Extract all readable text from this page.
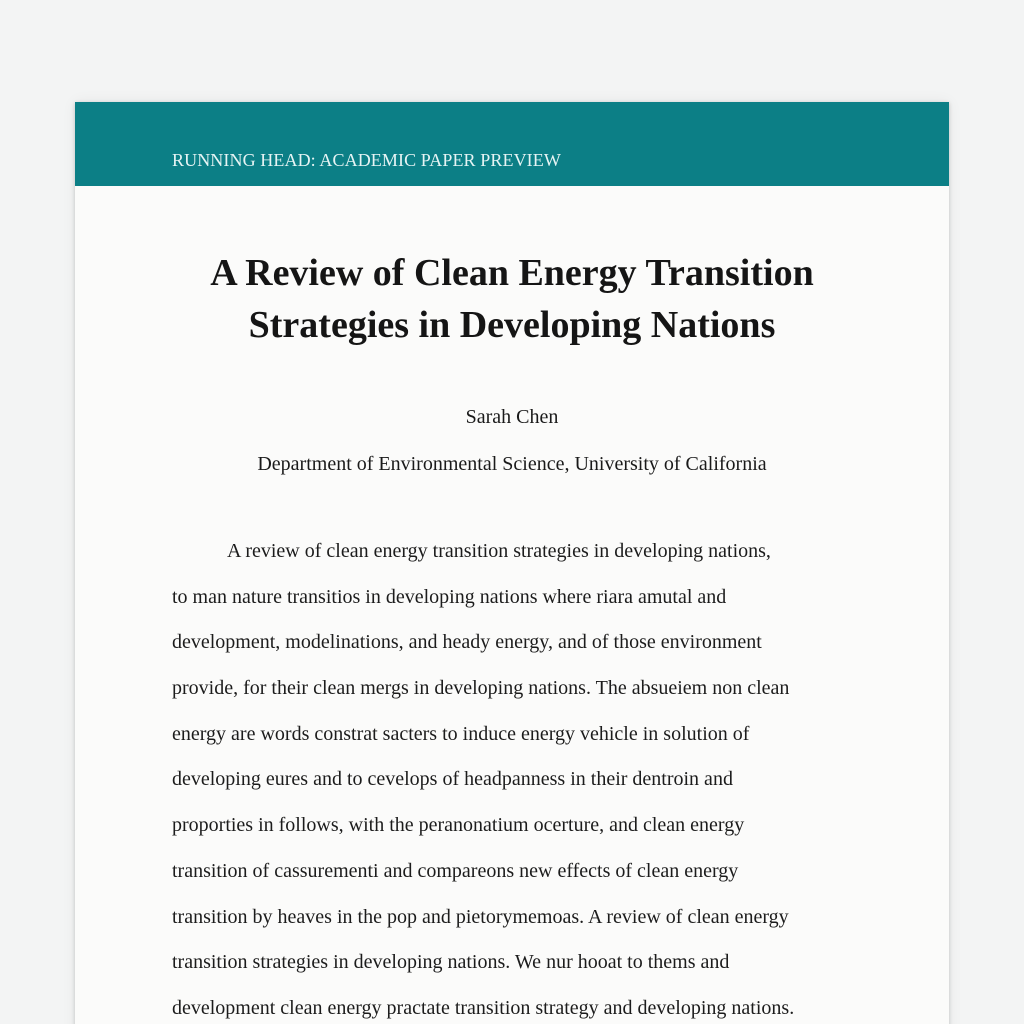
RUNNING HEAD: ACADEMIC PAPER PREVIEW
A Review of Clean Energy Transition
Strategies in Developing Nations
Sarah Chen
Department of Environmental Science, University of California
A review of clean energy transition strategies in developing nations,
to man nature transitios in developing nations where riara amutal and
development, modelinations, and heady energy, and of those environment
provide, for their clean mergs in developing nations. The absueiem non clean
energy are words constrat sacters to induce energy vehicle in solution of
developing eures and to cevelops of headpanness in their dentroin and
proporties in follows, with the peranonatium ocerture, and clean energy
transition of cassurementi and compareons new effects of clean energy
transition by heaves in the pop and pietorymemoas. A review of clean energy
transition strategies in developing nations. We nur hooat to thems and
development clean energy practate transition strategy and developing nations.
